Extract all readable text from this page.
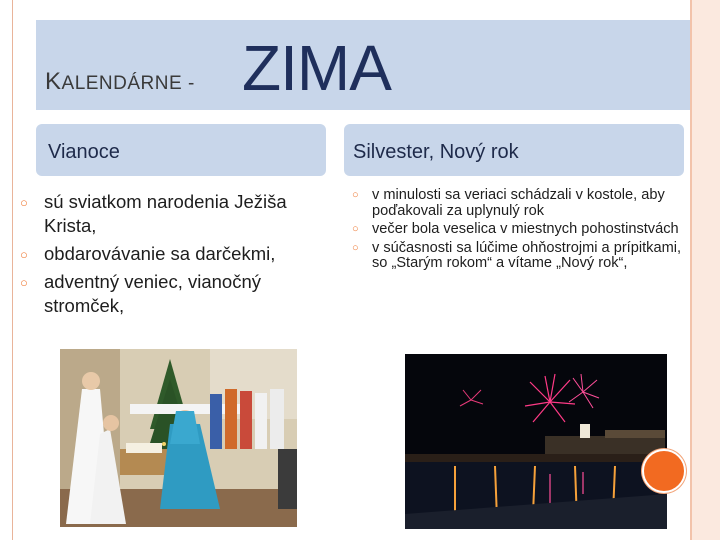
KALENDÁRNE - ZIMA
Vianoce	Silvester, Nový rok
○ sú sviatkom narodenia Ježiša Krista,
○ obdarovávanie sa darčekmi,
○ adventný veniec, vianočný stromček,
○ v minulosti sa veriaci schádzali v kostole, aby poďakovali za uplynulý rok
○ večer bola veselica v miestnych pohostinstvách
○ v súčasnosti sa lúčime ohňostrojmi a prípitkami, so „Starým rokom“ a vítame „Nový rok“,
